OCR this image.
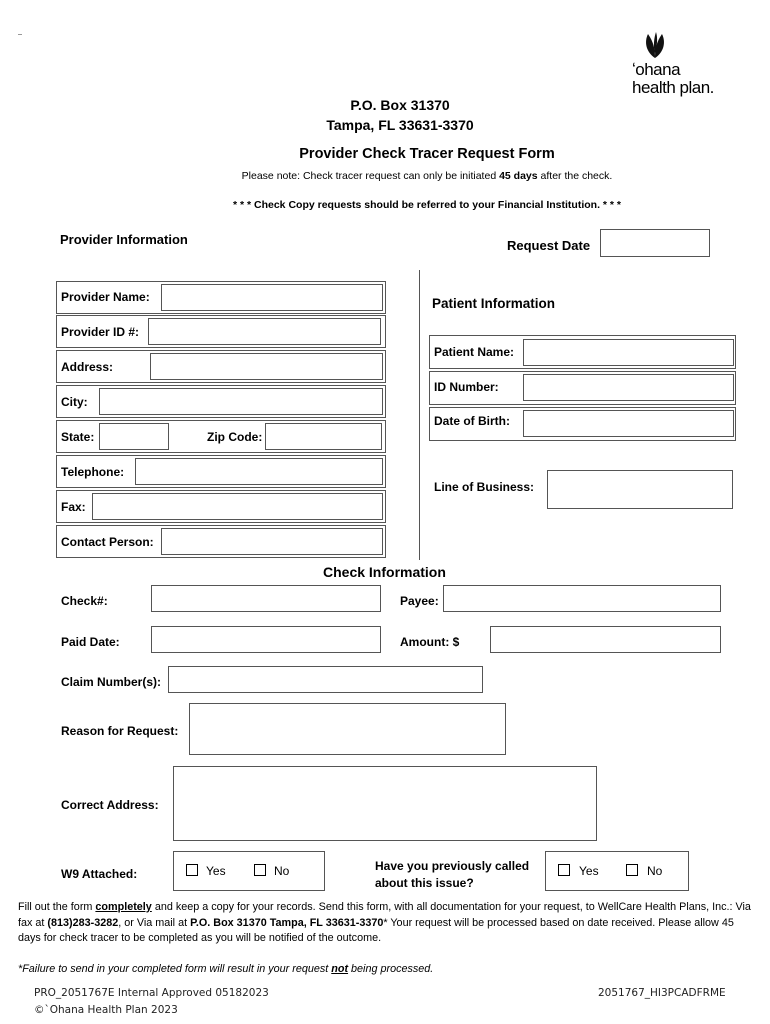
ʻohana
health plan.
P.O. Box 31370
Tampa, FL 33631-3370
Provider Check Tracer Request Form
Please note: Check tracer request can only be initiated 45 days after the check.
* * * Check Copy requests should be referred to your Financial Institution. * * *
Provider Information	Request Date
Provider Name:
Provider ID #:
Address:
City:
State:	Zip Code:
Telephone:
Fax:
Contact Person:
Patient Information
Patient Name:
ID Number:
Date of Birth:
Line of Business:
Check Information
Check#:	Payee:
Paid Date:	Amount: $
Claim Number(s):
Reason for Request:
Correct Address:
W9 Attached:	Yes	No	Have you previously called
about this issue?
Yes	No
Fill out the form completely and keep a copy for your records. Send this form, with all documentation for your request, to WellCare Health Plans, Inc.: Via fax at (813)283-3282, or Via mail at P.O. Box 31370 Tampa, FL 33631-3370* Your request will be processed based on date received. Please allow 45 days for check tracer to be completed as you will be notified of the outcome.
*Failure to send in your completed form will result in your request not being processed.
PRO_2051767E Internal Approved 05182023
©`Ohana Health Plan 2023
2051767_HI3PCADFRME
